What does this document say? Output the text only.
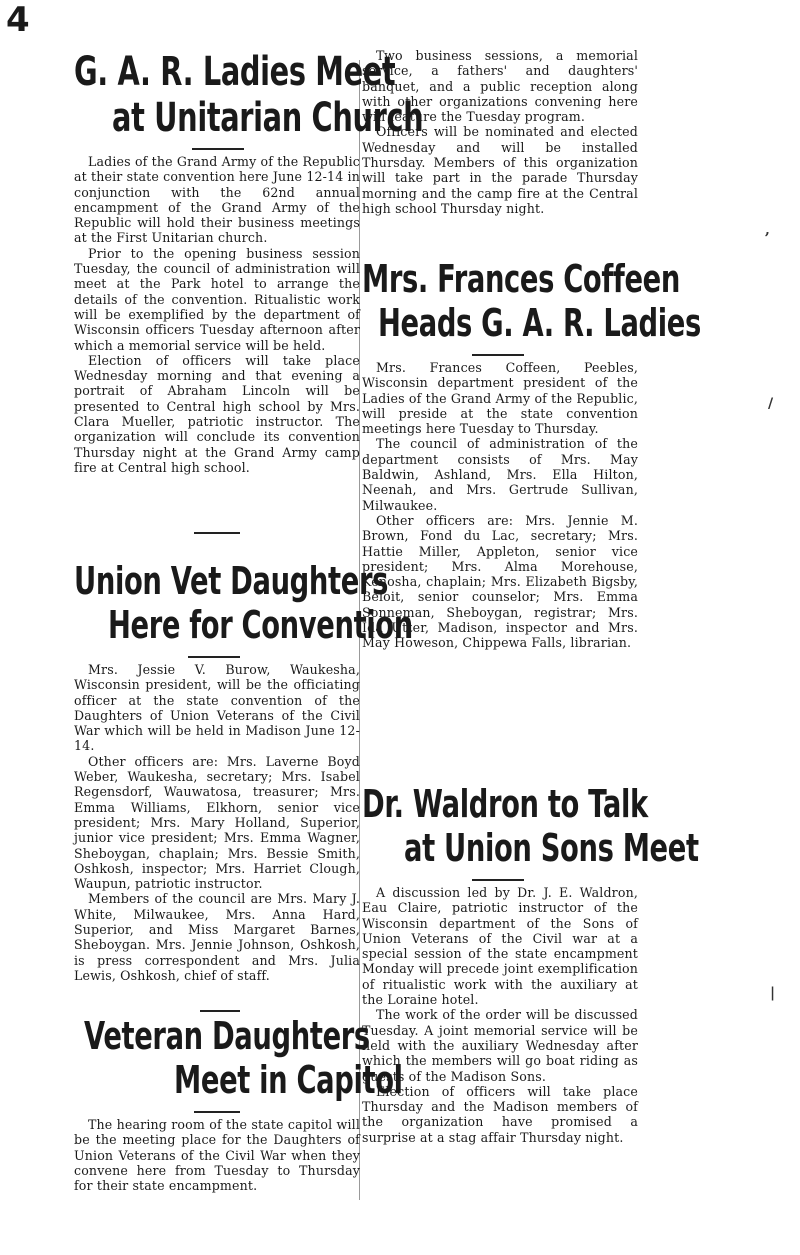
4
,
/
|
G. A. R. Ladies Meet
at Unitarian Church

Ladies of the Grand Army of the Republic at their state convention here June 12-14 in conjunction with the 62nd annual encampment of the Grand Army of the Republic will hold their business meetings at the First Unitarian church.

Prior to the opening business session Tuesday, the council of administration will meet at the Park hotel to arrange the details of the convention. Ritualistic work will be exemplified by the department of Wisconsin officers Tuesday afternoon after which a memorial service will be held.

Election of officers will take place Wednesday morning and that evening a portrait of Abraham Lincoln will be presented to Central high school by Mrs. Clara Mueller, patriotic instructor. The organization will conclude its convention Thursday night at the Grand Army camp fire at Central high school.

Union Vet Daughters
Here for Convention

Mrs. Jessie V. Burow, Waukesha, Wisconsin president, will be the officiating officer at the state convention of the Daughters of Union Veterans of the Civil War which will be held in Madison June 12-14.

Other officers are: Mrs. Laverne Boyd Weber, Waukesha, secretary; Mrs. Isabel Regensdorf, Wauwatosa, treasurer; Mrs. Emma Williams, Elkhorn, senior vice president; Mrs. Mary Holland, Superior, junior vice president; Mrs. Emma Wagner, Sheboygan, chaplain; Mrs. Bessie Smith, Oshkosh, inspector; Mrs. Harriet Clough, Waupun, patriotic instructor.

Members of the council are Mrs. Mary J. White, Milwaukee, Mrs. Anna Hard, Superior, and Miss Margaret Barnes, Sheboygan. Mrs. Jennie Johnson, Oshkosh, is press correspondent and Mrs. Julia Lewis, Oshkosh, chief of staff.

Veteran Daughters
Meet in Capitol

The hearing room of the state capitol will be the meeting place for the Daughters of Union Veterans of the Civil War when they convene here from Tuesday to Thursday for their state encampment.

Two business sessions, a memorial service, a fathers' and daughters' banquet, and a public reception along with other organizations convening here will feature the Tuesday program.

Officers will be nominated and elected Wednesday and will be installed Thursday. Members of this organization will take part in the parade Thursday morning and the camp fire at the Central high school Thursday night.

Mrs. Frances Coffeen
Heads G. A. R. Ladies

Mrs. Frances Coffeen, Peebles, Wisconsin department president of the Ladies of the Grand Army of the Republic, will preside at the state convention meetings here Tuesday to Thursday.

The council of administration of the department consists of Mrs. May Baldwin, Ashland, Mrs. Ella Hilton, Neenah, and Mrs. Gertrude Sullivan, Milwaukee.

Other officers are: Mrs. Jennie M. Brown, Fond du Lac, secretary; Mrs. Hattie Miller, Appleton, senior vice president; Mrs. Alma Morehouse, Kenosha, chaplain; Mrs. Elizabeth Bigsby, Beloit, senior counselor; Mrs. Emma Sonneman, Sheboygan, registrar; Mrs. Ida Utter, Madison, inspector and Mrs. May Howeson, Chippewa Falls, librarian.

Dr. Waldron to Talk
at Union Sons Meet

A discussion led by Dr. J. E. Waldron, Eau Claire, patriotic instructor of the Wisconsin department of the Sons of Union Veterans of the Civil war at a special session of the state encampment Monday will precede joint exemplification of ritualistic work with the auxiliary at the Loraine hotel.

The work of the order will be discussed Tuesday. A joint memorial service will be held with the auxiliary Wednesday after which the members will go boat riding as guests of the Madison Sons.

Election of officers will take place Thursday and the Madison members of the organization have promised a surprise at a stag affair Thursday night.
